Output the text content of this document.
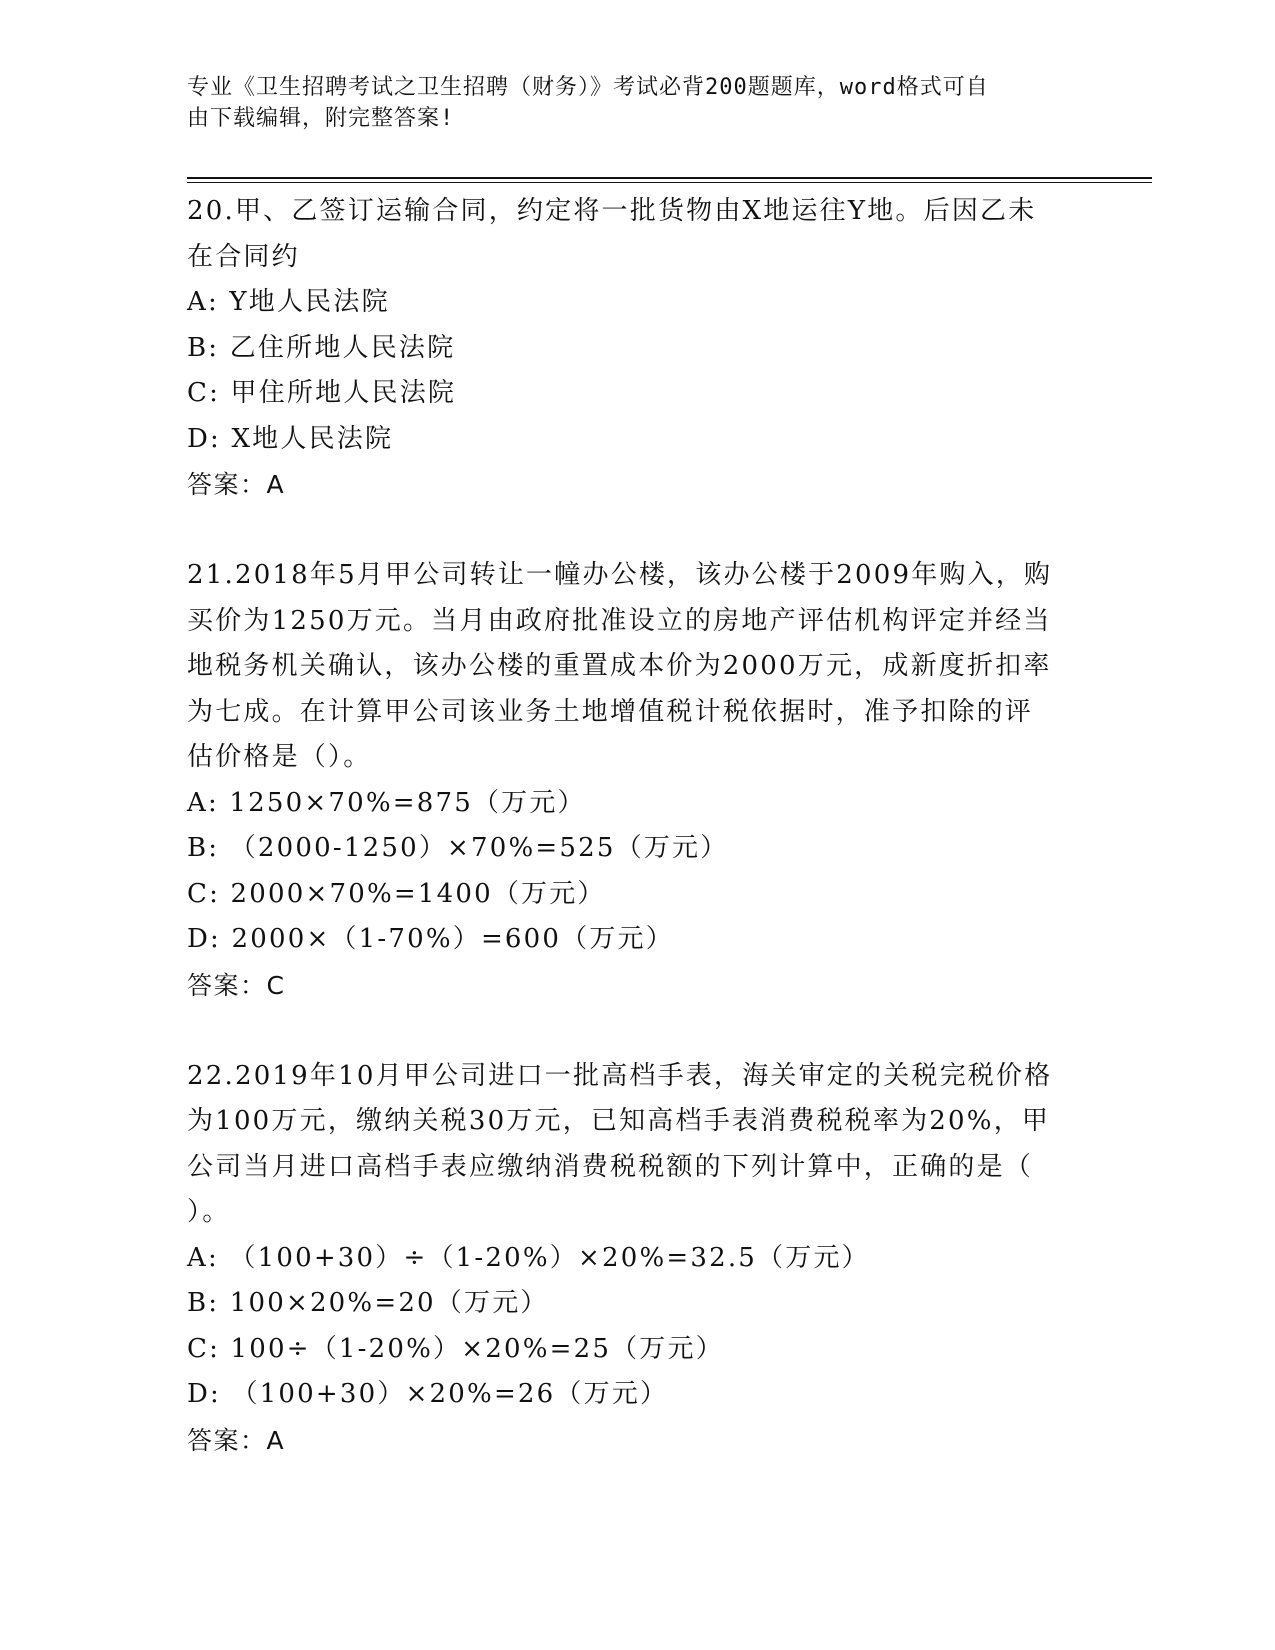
专业《卫生招聘考试之卫生招聘（财务）》考试必背200题题库，word格式可自
由下载编辑，附完整答案!

20.甲、乙签订运输合同，约定将一批货物由X地运往Y地。后因乙未

在合同约

A: Y地人民法院

B: 乙住所地人民法院

C: 甲住所地人民法院

D: X地人民法院

答案：A

21.2018年5月甲公司转让一幢办公楼，该办公楼于2009年购入，购

买价为1250万元。当月由政府批准设立的房地产评估机构评定并经当

地税务机关确认，该办公楼的重置成本价为2000万元，成新度折扣率

为七成。在计算甲公司该业务土地增值税计税依据时，准予扣除的评

估价格是（）。

A: 1250×70%=875（万元）

B: （2000-1250）×70%=525（万元）

C: 2000×70%=1400（万元）

D: 2000×（1-70%）=600（万元）

答案：C

22.2019年10月甲公司进口一批高档手表，海关审定的关税完税价格

为100万元，缴纳关税30万元，已知高档手表消费税税率为20%，甲

公司当月进口高档手表应缴纳消费税税额的下列计算中，正确的是（

）。

A: （100+30）÷（1-20%）×20%=32.5（万元）

B: 100×20%=20（万元）

C: 100÷（1-20%）×20%=25（万元）

D: （100+30）×20%=26（万元）

答案：A
